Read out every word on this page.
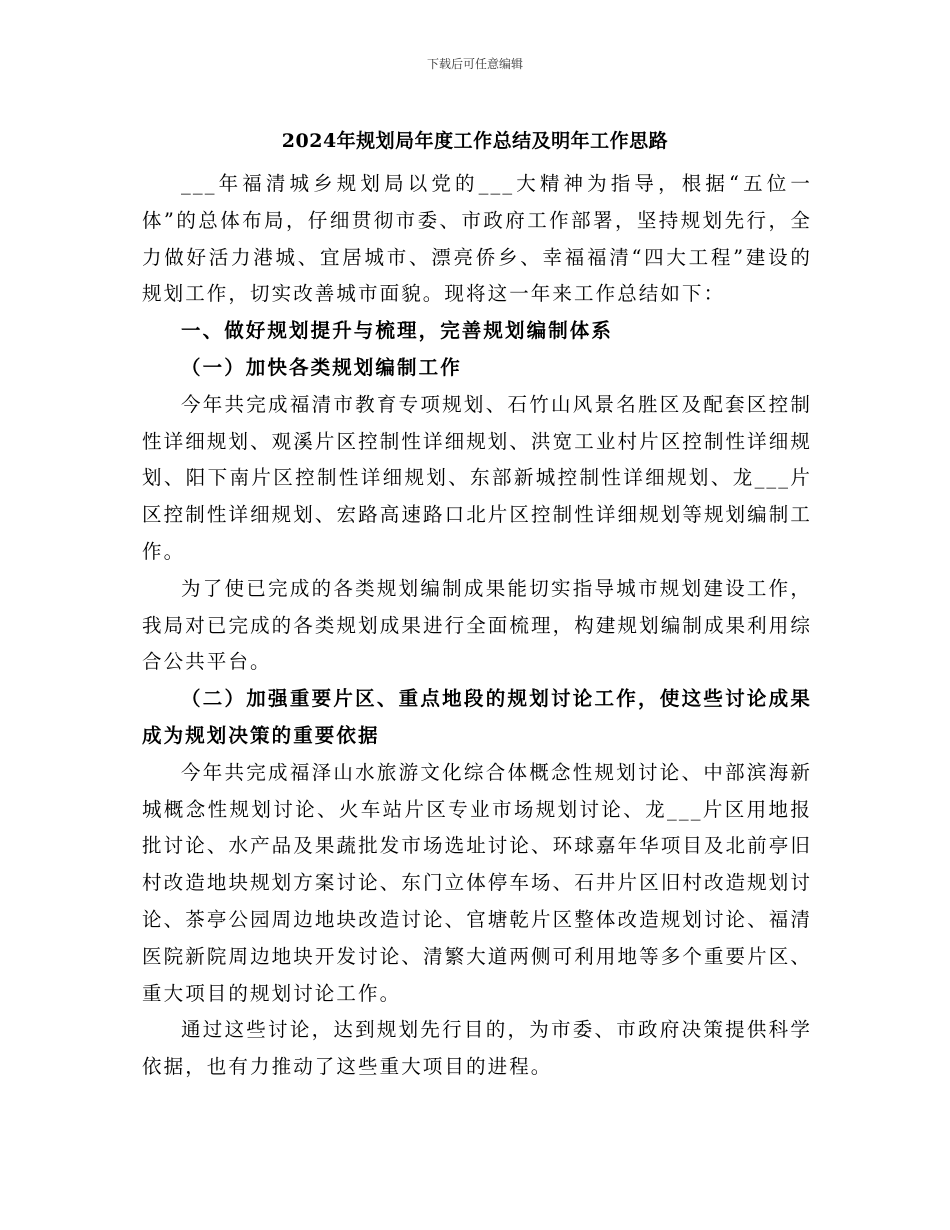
下载后可任意编辑
2024年规划局年度工作总结及明年工作思路

___年福清城乡规划局以党的___大精神为指导，根据“五位一体”的总体布局，仔细贯彻市委、市政府工作部署，坚持规划先行，全力做好活力港城、宜居城市、漂亮侨乡、幸福福清“四大工程”建设的规划工作，切实改善城市面貌。现将这一年来工作总结如下：

一、做好规划提升与梳理，完善规划编制体系

（一）加快各类规划编制工作

今年共完成福清市教育专项规划、石竹山风景名胜区及配套区控制性详细规划、观溪片区控制性详细规划、洪宽工业村片区控制性详细规划、阳下南片区控制性详细规划、东部新城控制性详细规划、龙___片区控制性详细规划、宏路高速路口北片区控制性详细规划等规划编制工作。

为了使已完成的各类规划编制成果能切实指导城市规划建设工作，我局对已完成的各类规划成果进行全面梳理，构建规划编制成果利用综合公共平台。

（二）加强重要片区、重点地段的规划讨论工作，使这些讨论成果成为规划决策的重要依据

今年共完成福泽山水旅游文化综合体概念性规划讨论、中部滨海新城概念性规划讨论、火车站片区专业市场规划讨论、龙___片区用地报批讨论、水产品及果蔬批发市场选址讨论、环球嘉年华项目及北前亭旧村改造地块规划方案讨论、东门立体停车场、石井片区旧村改造规划讨论、茶亭公园周边地块改造讨论、官塘乾片区整体改造规划讨论、福清医院新院周边地块开发讨论、清繁大道两侧可利用地等多个重要片区、重大项目的规划讨论工作。

通过这些讨论，达到规划先行目的，为市委、市政府决策提供科学依据，也有力推动了这些重大项目的进程。
